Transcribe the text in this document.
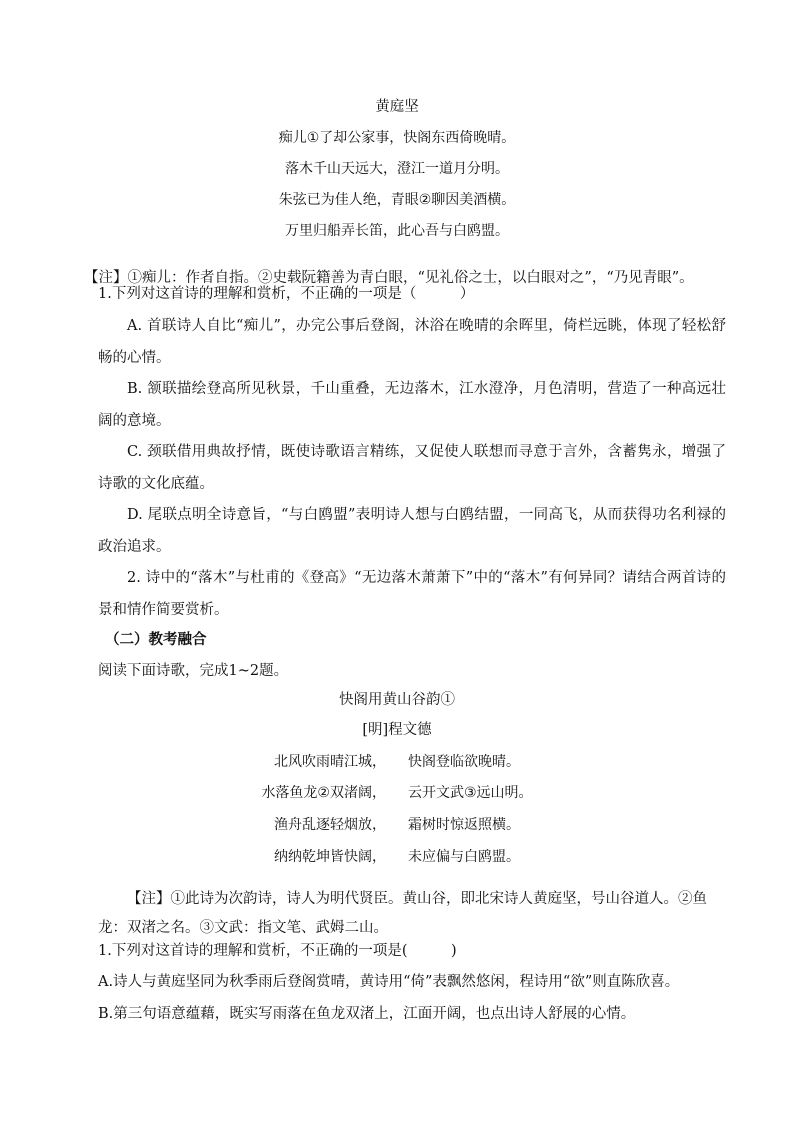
黄庭坚

痴儿①了却公家事，快阁东西倚晚晴。

落木千山天远大，澄江一道月分明。

朱弦已为佳人绝，青眼②聊因美酒横。

万里归船弄长笛，此心吾与白鸥盟。

【注】①痴儿：作者自指。②史载阮籍善为青白眼，“见礼俗之士，以白眼对之”，“乃见青眼”。

1.下列对这首诗的理解和赏析，不正确的一项是（　　　）

A. 首联诗人自比“痴儿”，办完公事后登阁，沐浴在晚晴的余晖里，倚栏远眺，体现了轻松舒畅的心情。

B. 颔联描绘登高所见秋景，千山重叠，无边落木，江水澄净，月色清明，营造了一种高远壮阔的意境。

C. 颈联借用典故抒情，既使诗歌语言精练，又促使人联想而寻意于言外，含蓄隽永，增强了诗歌的文化底蕴。

D. 尾联点明全诗意旨，“与白鸥盟”表明诗人想与白鸥结盟，一同高飞，从而获得功名利禄的政治追求。

2. 诗中的“落木”与杜甫的《登高》“无边落木萧萧下”中的“落木”有何异同？请结合两首诗的景和情作简要赏析。

（二）教考融合
阅读下面诗歌，完成1~2题。

快阁用黄山谷韵①

[明]程文德

北风吹雨晴江城， 快阁登临欲晚晴。

水落鱼龙②双渚阔， 云开文武③远山明。

渔舟乱逐轻烟放， 霜树时惊返照横。

纳纳乾坤皆快阔， 未应偏与白鸥盟。

【注】①此诗为次韵诗，诗人为明代贤臣。黄山谷，即北宋诗人黄庭坚，号山谷道人。②鱼龙：双渚之名。③文武：指文笔、武姆二山。

1.下列对这首诗的理解和赏析，不正确的一项是(　　　)

A.诗人与黄庭坚同为秋季雨后登阁赏晴，黄诗用“倚”表飘然悠闲，程诗用“欲”则直陈欣喜。

B.第三句语意蕴藉，既实写雨落在鱼龙双渚上，江面开阔，也点出诗人舒展的心情。
